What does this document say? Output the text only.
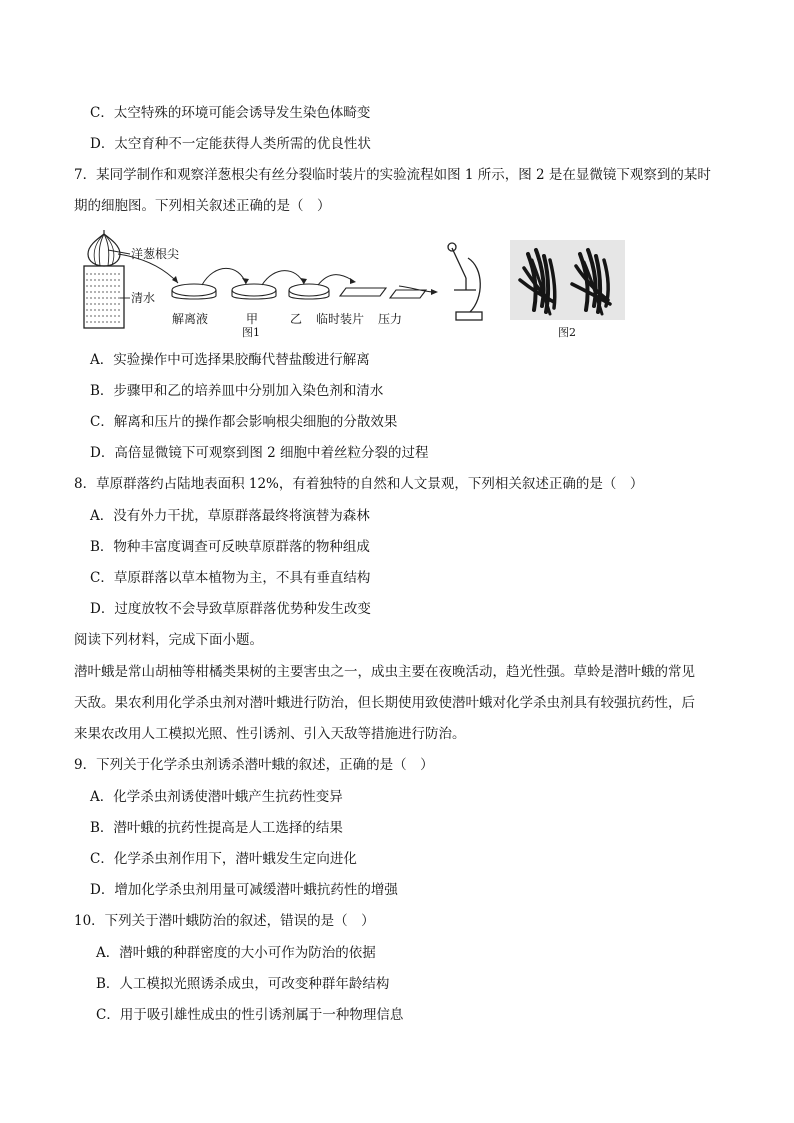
C．太空特殊的环境可能会诱导发生染色体畸变
D．太空育种不一定能获得人类所需的优良性状
7．某同学制作和观察洋葱根尖有丝分裂临时装片的实验流程如图 1 所示，图 2 是在显微镜下观察到的某时
期的细胞图。下列相关叙述正确的是（　）
洋葱根尖
清水
解离液	甲	乙 临时装片 压力
图1	图2
A．实验操作中可选择果胶酶代替盐酸进行解离
B．步骤甲和乙的培养皿中分别加入染色剂和清水
C．解离和压片的操作都会影响根尖细胞的分散效果
D．高倍显微镜下可观察到图 2 细胞中着丝粒分裂的过程
8．草原群落约占陆地表面积 12%，有着独特的自然和人文景观，下列相关叙述正确的是（　）
A．没有外力干扰，草原群落最终将演替为森林
B．物种丰富度调查可反映草原群落的物种组成
C．草原群落以草本植物为主，不具有垂直结构
D．过度放牧不会导致草原群落优势种发生改变
阅读下列材料，完成下面小题。
潜叶蛾是常山胡柚等柑橘类果树的主要害虫之一，成虫主要在夜晚活动，趋光性强。草蛉是潜叶蛾的常见
天敌。果农利用化学杀虫剂对潜叶蛾进行防治，但长期使用致使潜叶蛾对化学杀虫剂具有较强抗药性，后
来果农改用人工模拟光照、性引诱剂、引入天敌等措施进行防治。
9．下列关于化学杀虫剂诱杀潜叶蛾的叙述，正确的是（　）
A．化学杀虫剂诱使潜叶蛾产生抗药性变异
B．潜叶蛾的抗药性提高是人工选择的结果
C．化学杀虫剂作用下，潜叶蛾发生定向进化
D．增加化学杀虫剂用量可减缓潜叶蛾抗药性的增强
10．下列关于潜叶蛾防治的叙述，错误的是（　）
A．潜叶蛾的种群密度的大小可作为防治的依据
B．人工模拟光照诱杀成虫，可改变种群年龄结构
C．用于吸引雄性成虫的性引诱剂属于一种物理信息
